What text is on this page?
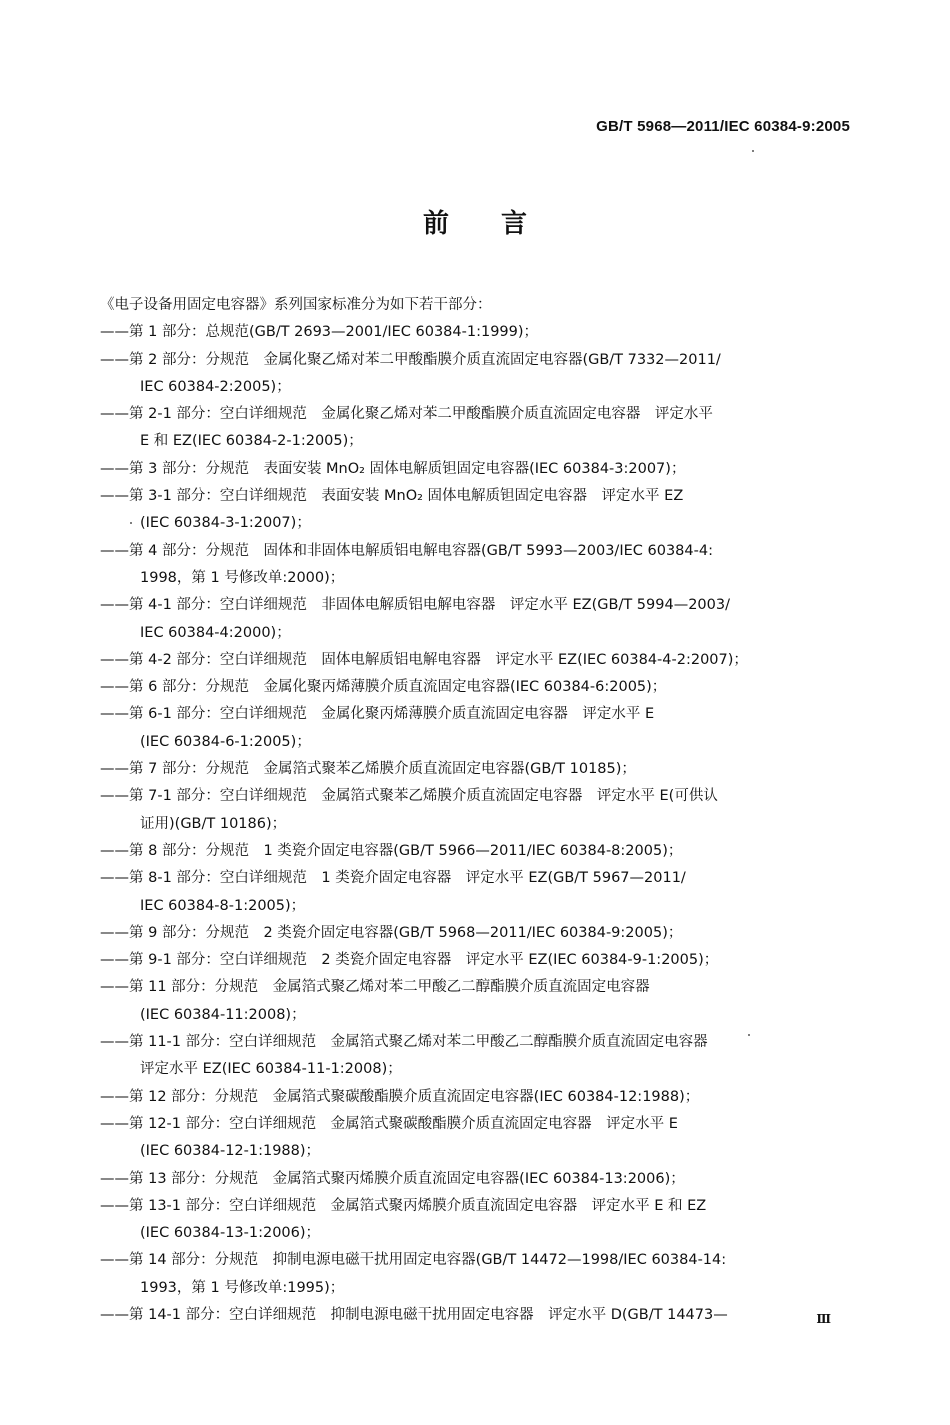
GB/T 5968—2011/IEC 60384-9:2005
前言
《电子设备用固定电容器》系列国家标准分为如下若干部分：
——第 1 部分：总规范(GB/T 2693—2001/IEC 60384-1:1999)；
——第 2 部分：分规范　金属化聚乙烯对苯二甲酸酯膜介质直流固定电容器(GB/T 7332—2011/
IEC 60384-2:2005)；
——第 2-1 部分：空白详细规范　金属化聚乙烯对苯二甲酸酯膜介质直流固定电容器　评定水平
E 和 EZ(IEC 60384-2-1:2005)；
——第 3 部分：分规范　表面安装 MnO₂ 固体电解质钽固定电容器(IEC 60384-3:2007)；
——第 3-1 部分：空白详细规范　表面安装 MnO₂ 固体电解质钽固定电容器　评定水平 EZ
(IEC 60384-3-1:2007)；
——第 4 部分：分规范　固体和非固体电解质铝电解电容器(GB/T 5993—2003/IEC 60384-4:
1998，第 1 号修改单:2000)；
——第 4-1 部分：空白详细规范　非固体电解质铝电解电容器　评定水平 EZ(GB/T 5994—2003/
IEC 60384-4:2000)；
——第 4-2 部分：空白详细规范　固体电解质铝电解电容器　评定水平 EZ(IEC 60384-4-2:2007)；
——第 6 部分：分规范　金属化聚丙烯薄膜介质直流固定电容器(IEC 60384-6:2005)；
——第 6-1 部分：空白详细规范　金属化聚丙烯薄膜介质直流固定电容器　评定水平 E
(IEC 60384-6-1:2005)；
——第 7 部分：分规范　金属箔式聚苯乙烯膜介质直流固定电容器(GB/T 10185)；
——第 7-1 部分：空白详细规范　金属箔式聚苯乙烯膜介质直流固定电容器　评定水平 E(可供认
证用)(GB/T 10186)；
——第 8 部分：分规范　1 类瓷介固定电容器(GB/T 5966—2011/IEC 60384-8:2005)；
——第 8-1 部分：空白详细规范　1 类瓷介固定电容器　评定水平 EZ(GB/T 5967—2011/
IEC 60384-8-1:2005)；
——第 9 部分：分规范　2 类瓷介固定电容器(GB/T 5968—2011/IEC 60384-9:2005)；
——第 9-1 部分：空白详细规范　2 类瓷介固定电容器　评定水平 EZ(IEC 60384-9-1:2005)；
——第 11 部分：分规范　金属箔式聚乙烯对苯二甲酸乙二醇酯膜介质直流固定电容器
(IEC 60384-11:2008)；
——第 11-1 部分：空白详细规范　金属箔式聚乙烯对苯二甲酸乙二醇酯膜介质直流固定电容器
评定水平 EZ(IEC 60384-11-1:2008)；
——第 12 部分：分规范　金属箔式聚碳酸酯膜介质直流固定电容器(IEC 60384-12:1988)；
——第 12-1 部分：空白详细规范　金属箔式聚碳酸酯膜介质直流固定电容器　评定水平 E
(IEC 60384-12-1:1988)；
——第 13 部分：分规范　金属箔式聚丙烯膜介质直流固定电容器(IEC 60384-13:2006)；
——第 13-1 部分：空白详细规范　金属箔式聚丙烯膜介质直流固定电容器　评定水平 E 和 EZ
(IEC 60384-13-1:2006)；
——第 14 部分：分规范　抑制电源电磁干扰用固定电容器(GB/T 14472—1998/IEC 60384-14:
1993，第 1 号修改单:1995)；
——第 14-1 部分：空白详细规范　抑制电源电磁干扰用固定电容器　评定水平 D(GB/T 14473—	Ⅲ
